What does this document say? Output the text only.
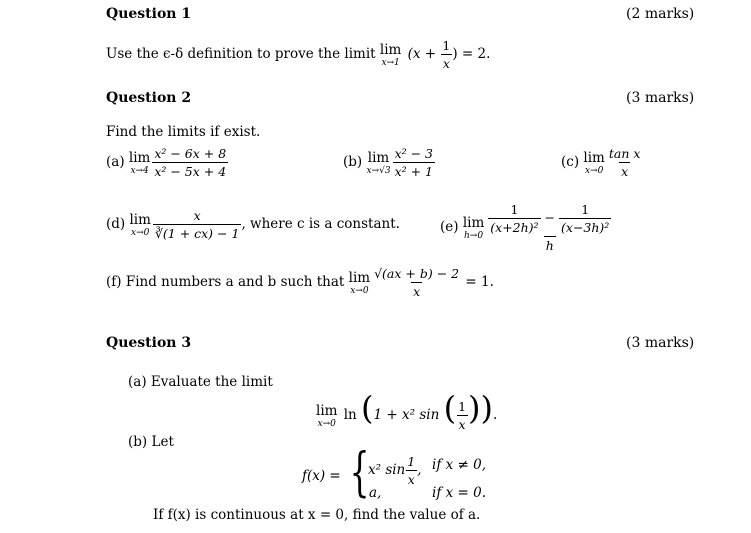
Question 1	(2 marks)
Use the ϵ-δ definition to prove the limit lim
x→1
($x + \frac{1}{x}$ ) = 2.
Question 2	(3 marks)
Find the limits if exist.
(a) lim
$x\to 4 \frac{\text{x² − 6x + 8}}{\text{x² − 5x + 4}}$	(b) lim
$x\to√3 \frac{\text{x² − 3}}{\text{x² + 1}}$	(c) lim
$x\to 0 \frac{\text{tan x}}{x}$
(d) lim
$x\to 0 \frac{x}{∛(1 + cx) - 1}$ , where c is a constant.	(e) lim
$h\to 0 \frac{\frac{1}{\text{(x+2h)²}} - \frac{1}{\text{(x−3h)²}}}{h}$
(f) Find numbers a and b such that lim
$x\to 0 \frac{√(ax + b) - 2}{x} = 1$.
Question 3	(3 marks)
(a) Evaluate the limit
lim
x→0
ln (1 + x² sin ( $\frac{1}{x}$ )).
(b) Let
f(x) = {
x² $\sin \frac{1}{x}$ , if x ≠ 0,
a,	if x = 0.
If f(x) is continuous at x = 0, find the value of a.
